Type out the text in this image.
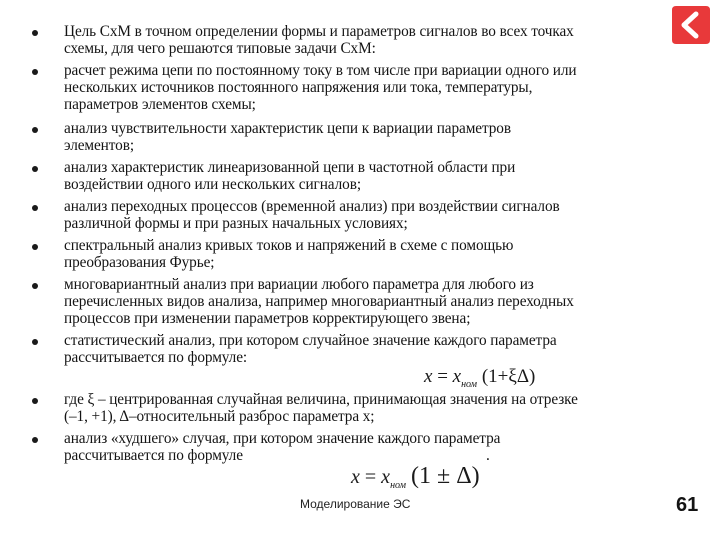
Цель СхМ в точном определении формы и параметров сигналов во всех точках
схемы, для чего решаются типовые задачи СхМ:
расчет режима цепи по постоянному току в том числе при вариации одного или
нескольких источников постоянного напряжения или тока, температуры,
параметров элементов схемы;
анализ чувствительности характеристик цепи к вариации параметров
элементов;
анализ характеристик линеаризованной цепи в частотной области при
воздействии одного или нескольких сигналов;
анализ переходных процессов (временной анализ) при воздействии сигналов
различной формы и при разных начальных условиях;
спектральный анализ кривых токов и напряжений в схеме с помощью
преобразования Фурье;
многовариантный анализ при вариации любого параметра для любого из
перечисленных видов анализа, например многовариантный анализ переходных
процессов при изменении параметров корректирующего звена;
статистический анализ, при котором случайное значение каждого параметра
рассчитывается по формуле:
$x = x_{ном}$ (1+ξΔ)
где ξ – центрированная случайная величина, принимающая значения на отрезке
(–1, +1), Δ–относительный разброс параметра x;
анализ «худшего» случая, при котором значение каждого параметра
рассчитывается по формуле	.
$x = x_{ном}$ (1 ± Δ)
Моделирование ЭС	61
